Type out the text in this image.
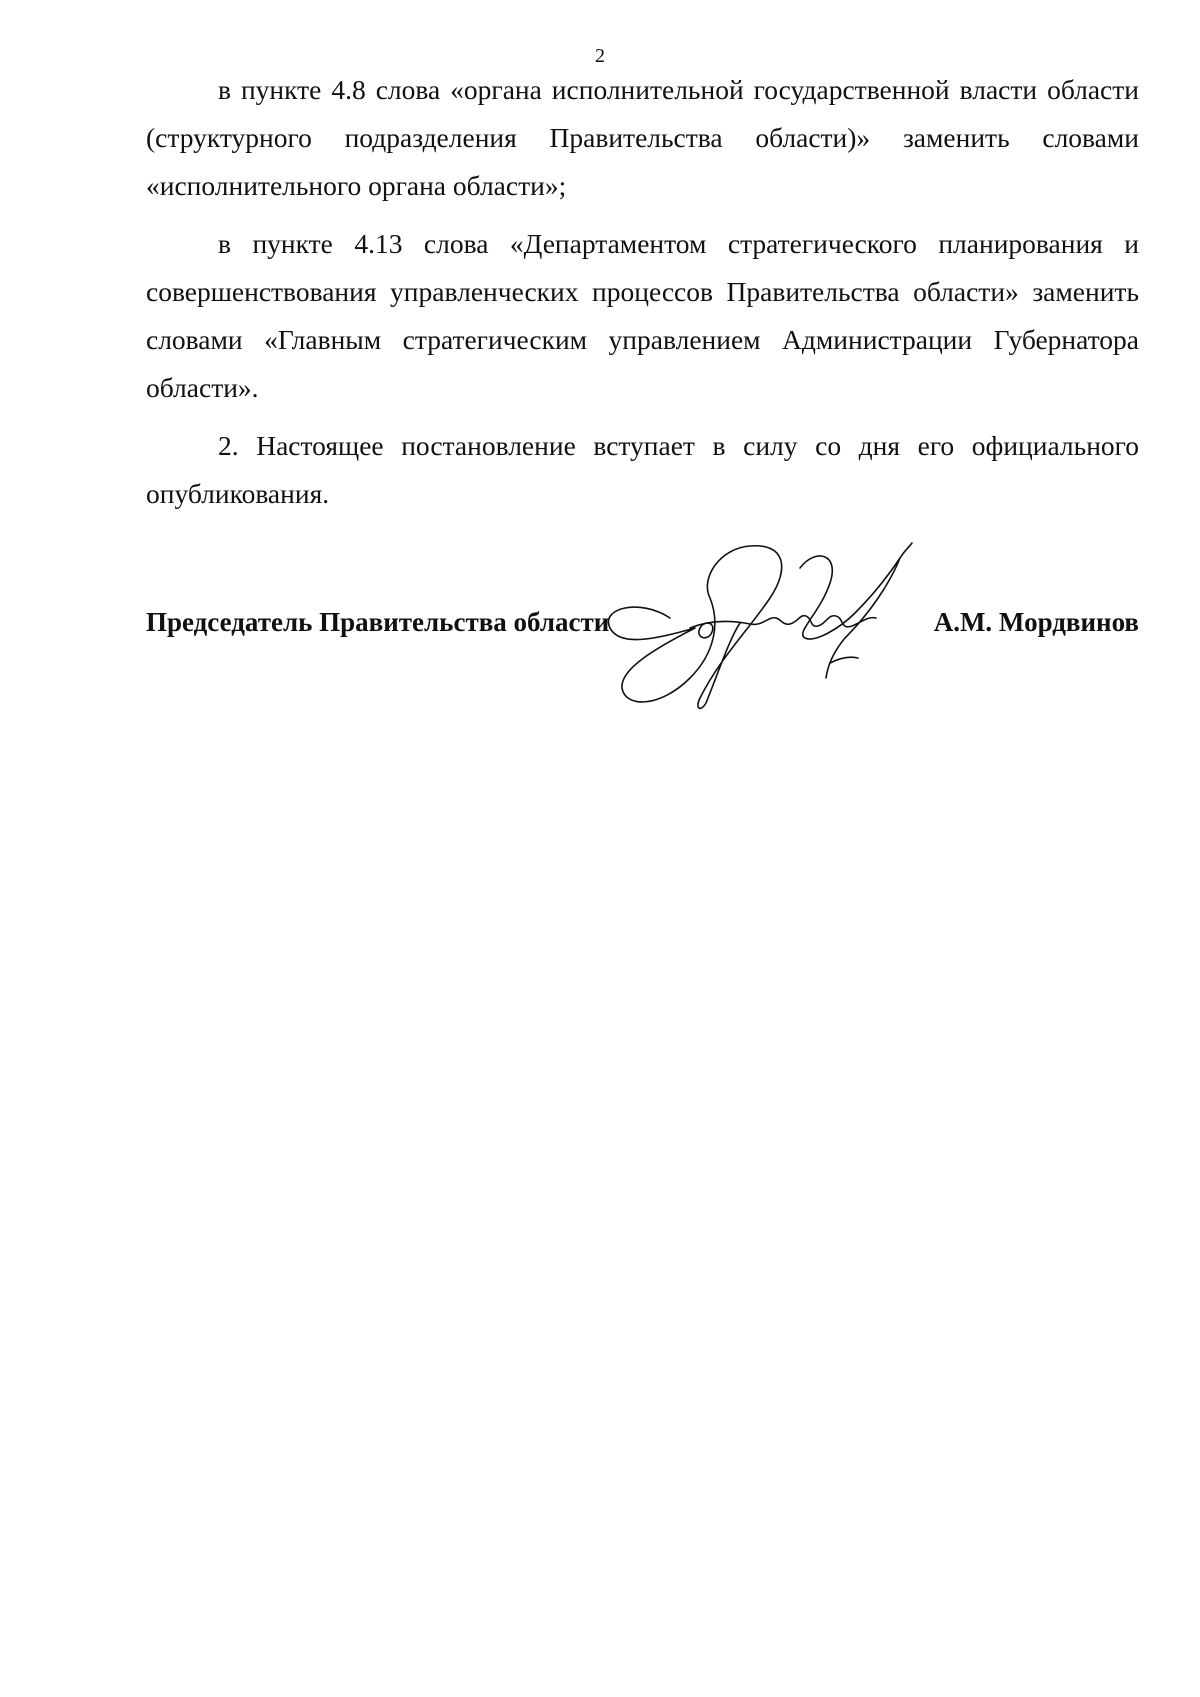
2

в пункте 4.8 слова «органа исполнительной государственной власти области (структурного подразделения Правительства области)» заменить словами «исполнительного органа области»;

в пункте 4.13 слова «Департаментом стратегического планирования и совершенствования управленческих процессов Правительства области» заменить словами «Главным стратегическим управлением Администрации Губернатора области».

2. Настоящее постановление вступает в силу со дня его официального опубликования.

Председатель Правительства области	А.М. Мордвинов
